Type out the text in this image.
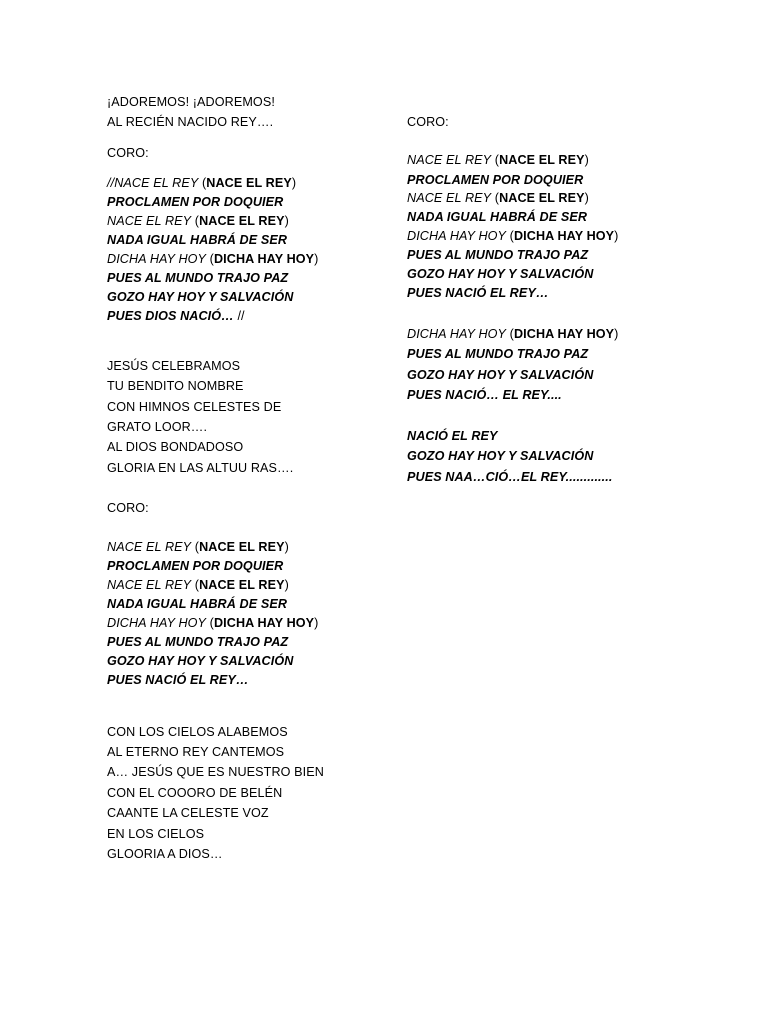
¡ADOREMOS! ¡ADOREMOS!
AL RECIÉN NACIDO REY….
CORO:
//NACE EL REY (NACE EL REY)
PROCLAMEN POR DOQUIER
NACE EL REY (NACE EL REY)
NADA IGUAL HABRÁ DE SER
DICHA HAY HOY (DICHA HAY HOY)
PUES AL MUNDO TRAJO PAZ
GOZO HAY HOY Y SALVACIÓN
PUES DIOS NACIÓ… //
JESÚS CELEBRAMOS
TU BENDITO NOMBRE
CON HIMNOS CELESTES DE
GRATO LOOR….
AL DIOS BONDADOSO
GLORIA EN LAS ALTUU RAS….
CORO:
NACE EL REY (NACE EL REY)
PROCLAMEN POR DOQUIER
NACE EL REY (NACE EL REY)
NADA IGUAL HABRÁ DE SER
DICHA HAY HOY (DICHA HAY HOY)
PUES AL MUNDO TRAJO PAZ
GOZO HAY HOY Y SALVACIÓN
PUES NACIÓ EL REY…
CON LOS CIELOS ALABEMOS
AL ETERNO REY CANTEMOS
A… JESÚS QUE ES NUESTRO BIEN
CON EL COOORO DE BELÉN
CAANTE LA CELESTE VOZ
EN LOS CIELOS
GLOORIA A DIOS…
CORO:
NACE EL REY (NACE EL REY)
PROCLAMEN POR DOQUIER
NACE EL REY (NACE EL REY)
NADA IGUAL HABRÁ DE SER
DICHA HAY HOY (DICHA HAY HOY)
PUES AL MUNDO TRAJO PAZ
GOZO HAY HOY Y SALVACIÓN
PUES NACIÓ EL REY…
DICHA HAY HOY (DICHA HAY HOY)
PUES AL MUNDO TRAJO PAZ
GOZO HAY HOY Y SALVACIÓN
PUES NACIÓ… EL REY....
NACIÓ EL REY
GOZO HAY HOY Y SALVACIÓN
PUES NAA…CIÓ…EL REY.............
